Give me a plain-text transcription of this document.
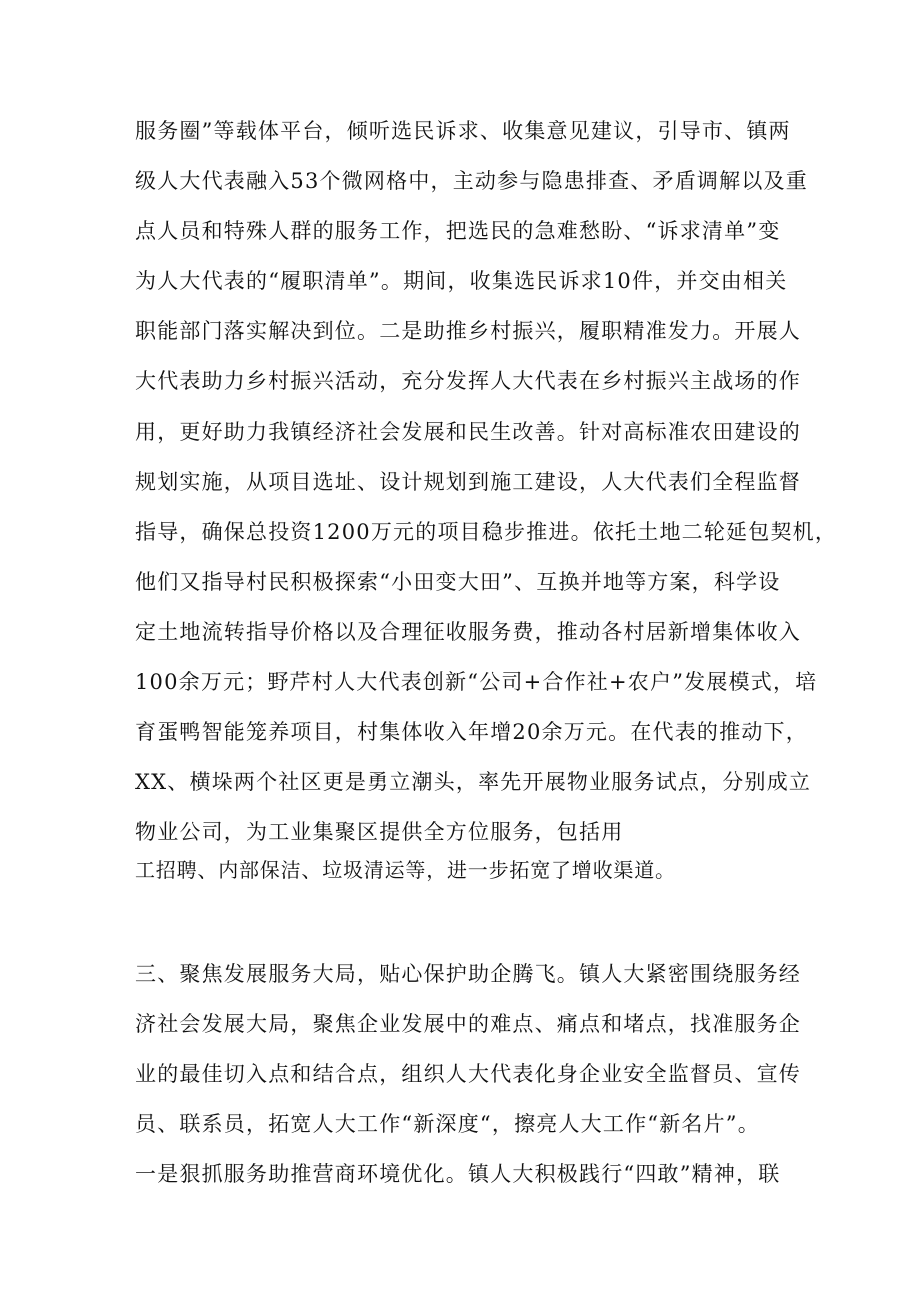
服务圈”等载体平台，倾听选民诉求、收集意见建议，引导市、镇两
级人大代表融入53个微网格中，主动参与隐患排查、矛盾调解以及重
点人员和特殊人群的服务工作，把选民的急难愁盼、“诉求清单”变
为人大代表的“履职清单”。期间，收集选民诉求10件，并交由相关
职能部门落实解决到位。二是助推乡村振兴，履职精准发力。开展人
大代表助力乡村振兴活动，充分发挥人大代表在乡村振兴主战场的作
用，更好助力我镇经济社会发展和民生改善。针对高标准农田建设的
规划实施，从项目选址、设计规划到施工建设，人大代表们全程监督
指导，确保总投资1200万元的项目稳步推进。依托土地二轮延包契机，
他们又指导村民积极探索“小田变大田”、互换并地等方案，科学设
定土地流转指导价格以及合理征收服务费，推动各村居新增集体收入
100余万元；野芹村人大代表创新“公司+合作社+农户”发展模式，培
育蛋鸭智能笼养项目，村集体收入年增20余万元。在代表的推动下，
XX、横垛两个社区更是勇立潮头，率先开展物业服务试点，分别成立
物业公司，为工业集聚区提供全方位服务，包括用
工招聘、内部保洁、垃圾清运等，进一步拓宽了增收渠道。
三、聚焦发展服务大局，贴心保护助企腾飞。镇人大紧密围绕服务经
济社会发展大局，聚焦企业发展中的难点、痛点和堵点，找准服务企
业的最佳切入点和结合点，组织人大代表化身企业安全监督员、宣传
员、联系员，拓宽人大工作“新深度“，擦亮人大工作“新名片”。
一是狠抓服务助推营商环境优化。镇人大积极践行“四敢”精神，联
